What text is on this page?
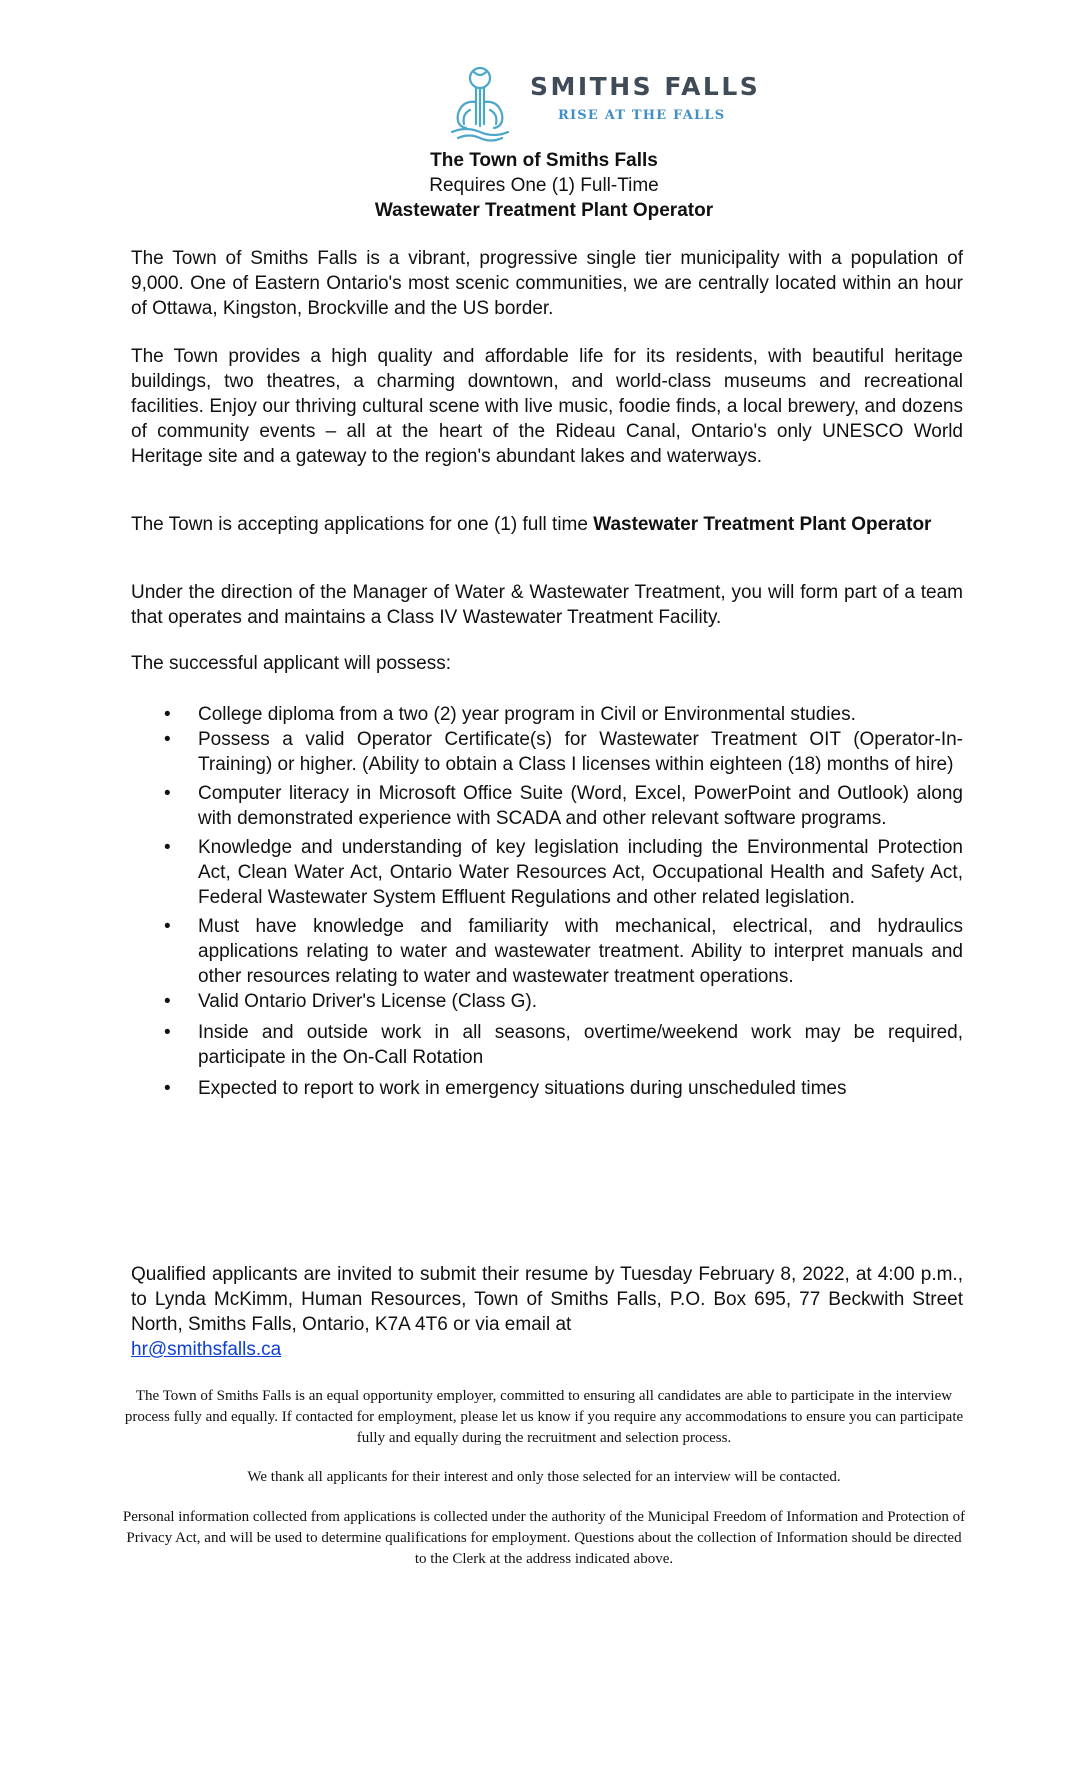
SMITHS FALLS
RISE AT THE FALLS
The Town of Smiths Falls
Requires One (1) Full-Time
Wastewater Treatment Plant Operator

The Town of Smiths Falls is a vibrant, progressive single tier municipality with a population of 9,000. One of Eastern Ontario's most scenic communities, we are centrally located within an hour of Ottawa, Kingston, Brockville and the US border.

The Town provides a high quality and affordable life for its residents, with beautiful heritage buildings, two theatres, a charming downtown, and world-class museums and recreational facilities. Enjoy our thriving cultural scene with live music, foodie finds, a local brewery, and dozens of community events – all at the heart of the Rideau Canal, Ontario's only UNESCO World Heritage site and a gateway to the region's abundant lakes and waterways.

The Town is accepting applications for one (1) full time Wastewater Treatment Plant Operator

Under the direction of the Manager of Water & Wastewater Treatment, you will form part of a team that operates and maintains a Class IV Wastewater Treatment Facility.

The successful applicant will possess:

• College diploma from a two (2) year program in Civil or Environmental studies.
• Possess a valid Operator Certificate(s) for Wastewater Treatment OIT (Operator-In-Training) or higher. (Ability to obtain a Class I licenses within eighteen (18) months of hire)
• Computer literacy in Microsoft Office Suite (Word, Excel, PowerPoint and Outlook) along with demonstrated experience with SCADA and other relevant software programs.
• Knowledge and understanding of key legislation including the Environmental Protection Act, Clean Water Act, Ontario Water Resources Act, Occupational Health and Safety Act, Federal Wastewater System Effluent Regulations and other related legislation.
• Must have knowledge and familiarity with mechanical, electrical, and hydraulics applications relating to water and wastewater treatment. Ability to interpret manuals and other resources relating to water and wastewater treatment operations.
• Valid Ontario Driver's License (Class G).
• Inside and outside work in all seasons, overtime/weekend work may be required, participate in the On-Call Rotation
• Expected to report to work in emergency situations during unscheduled times

Qualified applicants are invited to submit their resume by Tuesday February 8, 2022, at 4:00 p.m., to Lynda McKimm, Human Resources, Town of Smiths Falls, P.O. Box 695, 77 Beckwith Street North, Smiths Falls, Ontario, K7A 4T6 or via email at
hr@smithsfalls.ca

The Town of Smiths Falls is an equal opportunity employer, committed to ensuring all candidates are able to participate in the interview process fully and equally. If contacted for employment, please let us know if you require any accommodations to ensure you can participate fully and equally during the recruitment and selection process.

We thank all applicants for their interest and only those selected for an interview will be contacted.

Personal information collected from applications is collected under the authority of the Municipal Freedom of Information and Protection of Privacy Act, and will be used to determine qualifications for employment. Questions about the collection of Information should be directed to the Clerk at the address indicated above.
